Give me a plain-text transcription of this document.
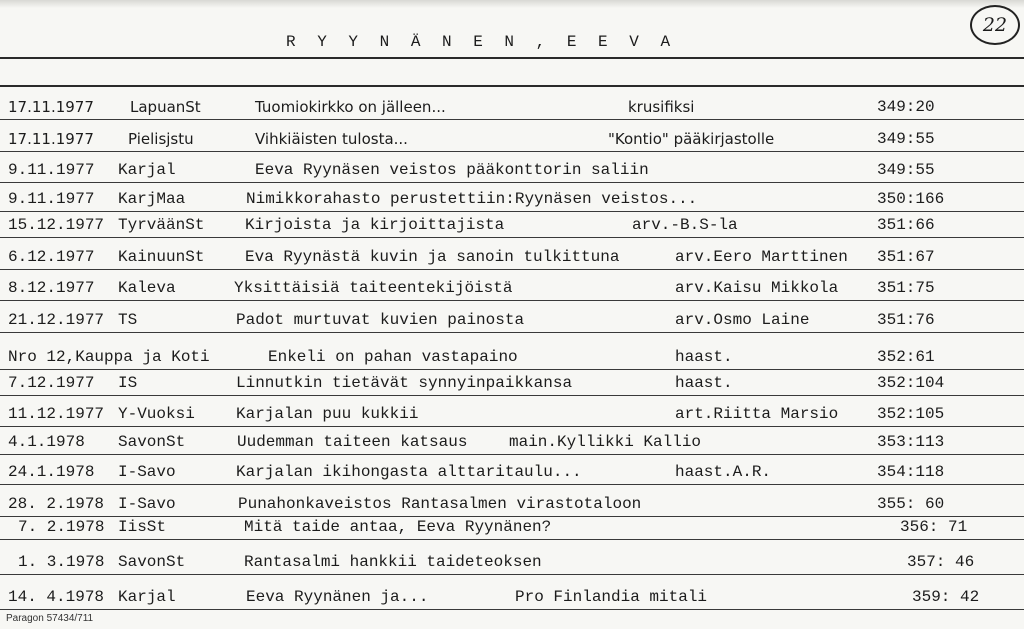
22
R Y Y N Ä N E N , E E V A
17.11.1977 LapuanSt	Tuomiokirkko on jälleen...	krusifiksi	349:20
17.11.1977 Pielisjstu	Vihkiäisten tulosta...	"Kontio" pääkirjastolle	349:55
9.11.1977 Karjal	Eeva Ryynäsen veistos pääkonttorin saliin	349:55
9.11.1977 KarjMaa	Nimikkorahasto perustettiin:Ryynäsen veistos...	350:166
15.12.1977 TyrväänSt	Kirjoista ja kirjoittajista	arv.-B.S-la	351:66
6.12.1977 KainuunSt	Eva Ryynästä kuvin ja sanoin tulkittuna	arv.Eero Marttinen 351:67
8.12.1977 Kaleva	Yksittäisiä taiteentekijöistä	arv.Kaisu Mikkola 351:75
21.12.1977 TS	Padot murtuvat kuvien painosta	arv.Osmo Laine	351:76
Nro 12,Kauppa ja Koti	Enkeli on pahan vastapaino	haast.	352:61
7.12.1977 IS	Linnutkin tietävät synnyinpaikkansa	haast.	352:104
11.12.1977 Y-Vuoksi	Karjalan puu kukkii	art.Riitta Marsio 352:105
4.1.1978 SavonSt	Uudemman taiteen katsaus	main.Kyllikki Kallio	353:113
24.1.1978 I-Savo	Karjalan ikihongasta alttaritaulu...	haast.A.R.	354:118
28. 2.1978 I-Savo	Punahonkaveistos Rantasalmen virastotaloon	355: 60
7. 2.1978 IisSt	Mitä taide antaa, Eeva Ryynänen?	356: 71
1. 3.1978 SavonSt	Rantasalmi hankkii taideteoksen	357: 46
14. 4.1978 Karjal	Eeva Ryynänen ja...	Pro Finlandia mitali	359: 42
Paragon 57434/711
